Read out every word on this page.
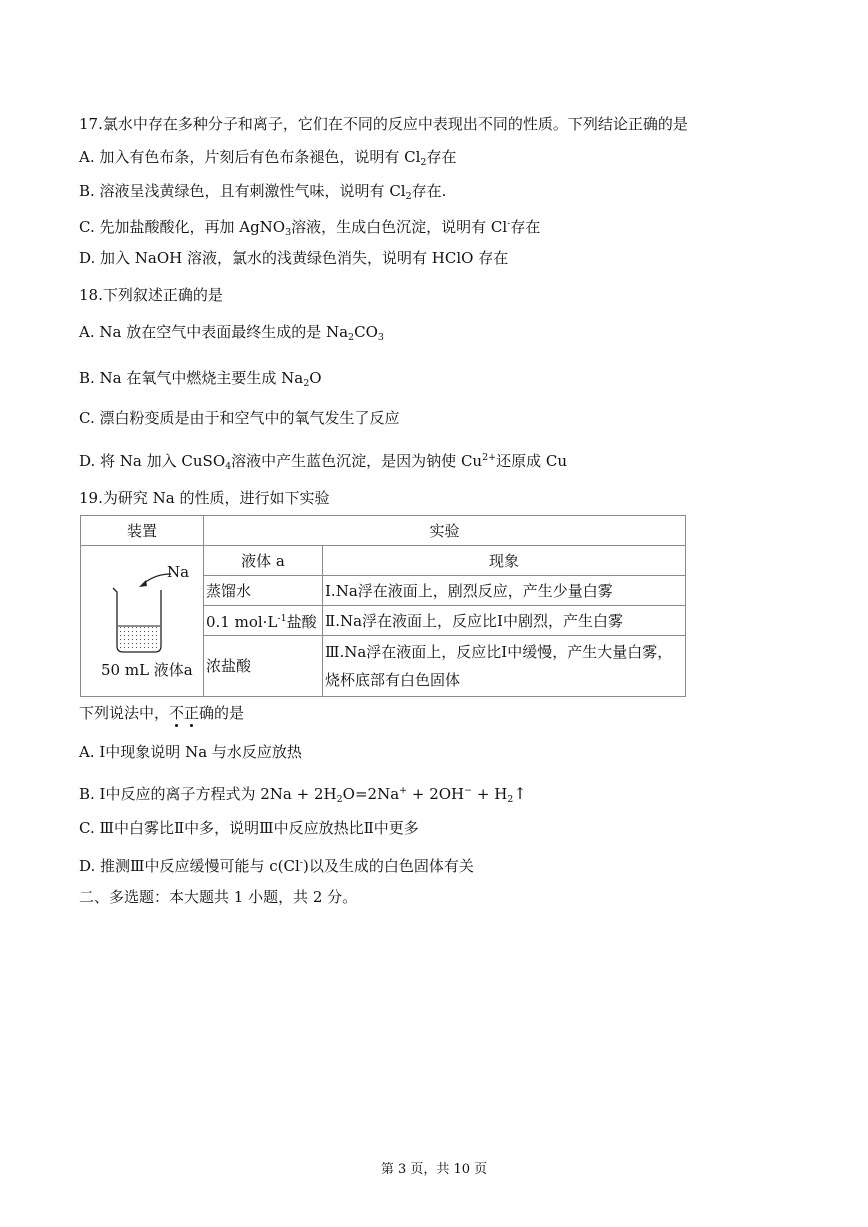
17.氯水中存在多种分子和离子，它们在不同的反应中表现出不同的性质。下列结论正确的是
A. 加入有色布条，片刻后有色布条褪色，说明有 $Cl_2$存在
B. 溶液呈浅黄绿色，且有刺激性气味，说明有 $Cl_2$存在.
C. 先加盐酸酸化，再加 AgNO$_3$溶液，生成白色沉淀，说明有 Cl-存在
D. 加入 NaOH 溶液，氯水的浅黄绿色消失，说明有 HClO 存在
18.下列叙述正确的是
A. Na 放在空气中表面最终生成的是 $Na_2CO_3$
B. Na 在氧气中燃烧主要生成 $Na_2O$
C. 漂白粉变质是由于和空气中的氧气发生了反应
D. 将 Na 加入 CuSO$_4$溶液中产生蓝色沉淀，是因为钠使 $Cu^{2+}$还原成 Cu
19.为研究 Na 的性质，进行如下实验
装置	实验	

Na
50 mL 液体a	液体 a	现象
	蒸馏水	Ⅰ.Na浮在液面上，剧烈反应，产生少量白雾
	0.1 $mol\cdot L^{-1}$盐酸	Ⅱ.Na浮在液面上，反应比Ⅰ中剧烈，产生白雾
	浓盐酸	Ⅲ.Na浮在液面上，反应比Ⅰ中缓慢，产生大量白雾，
烧杯底部有白色固体
下列说法中，不正确的是
A. Ⅰ中现象说明 Na 与水反应放热
B. Ⅰ中反应的离子方程式为 $2Na + 2H_2O=2Na^+ + 2OH^-$ + $H_2↑$
C. Ⅲ中白雾比Ⅱ中多，说明Ⅲ中反应放热比Ⅱ中更多
D. 推测Ⅲ中反应缓慢可能与 c(Cl-)以及生成的白色固体有关
二、多选题：本大题共 1 小题，共 2 分。
第 3 页，共 10 页
